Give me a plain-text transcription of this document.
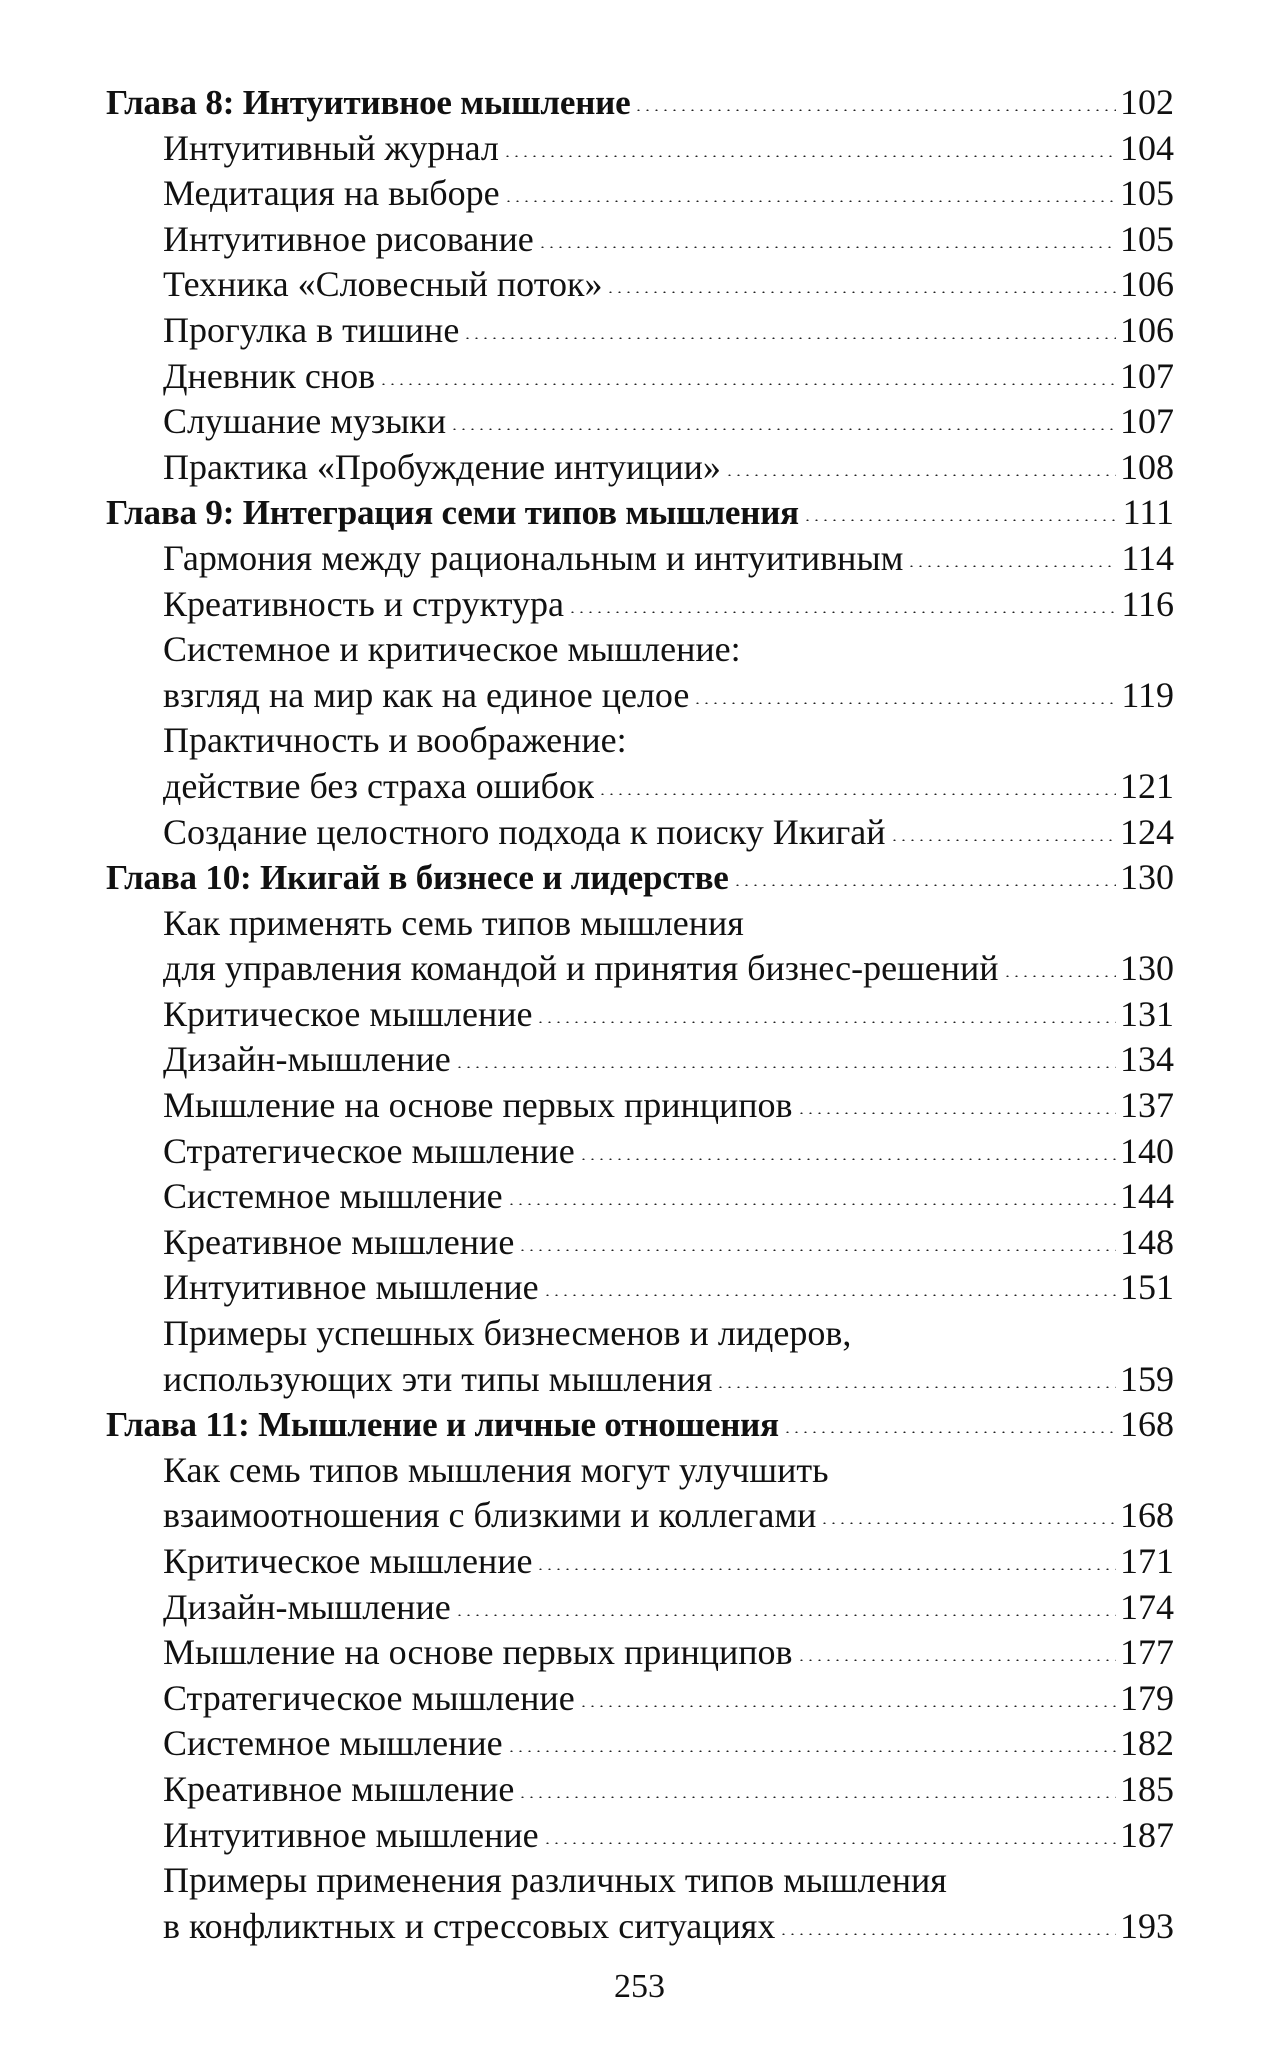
Глава 8: Интуитивное мышление	102
Интуитивный журнал	104
Медитация на выборе	105
Интуитивное рисование	105
Техника «Словесный поток»	106
Прогулка в тишине	106
Дневник снов	107
Слушание музыки	107
Практика «Пробуждение интуиции»	108
Глава 9: Интеграция семи типов мышления	111
Гармония между рациональным и интуитивным	114
Креативность и структура	116
Системное и критическое мышление:
взгляд на мир как на единое целое	119
Практичность и воображение:
действие без страха ошибок	121
Создание целостного подхода к поиску Икигай	124
Глава 10: Икигай в бизнесе и лидерстве	130
Как применять семь типов мышления
для управления командой и принятия бизнес-решений	130
Критическое мышление	131
Дизайн-мышление	134
Мышление на основе первых принципов	137
Стратегическое мышление	140
Системное мышление	144
Креативное мышление	148
Интуитивное мышление	151
Примеры успешных бизнесменов и лидеров,
использующих эти типы мышления	159
Глава 11: Мышление и личные отношения	168
Как семь типов мышления могут улучшить
взаимоотношения с близкими и коллегами	168
Критическое мышление	171
Дизайн-мышление	174
Мышление на основе первых принципов	177
Стратегическое мышление	179
Системное мышление	182
Креативное мышление	185
Интуитивное мышление	187
Примеры применения различных типов мышления
в конфликтных и стрессовых ситуациях	193
253
